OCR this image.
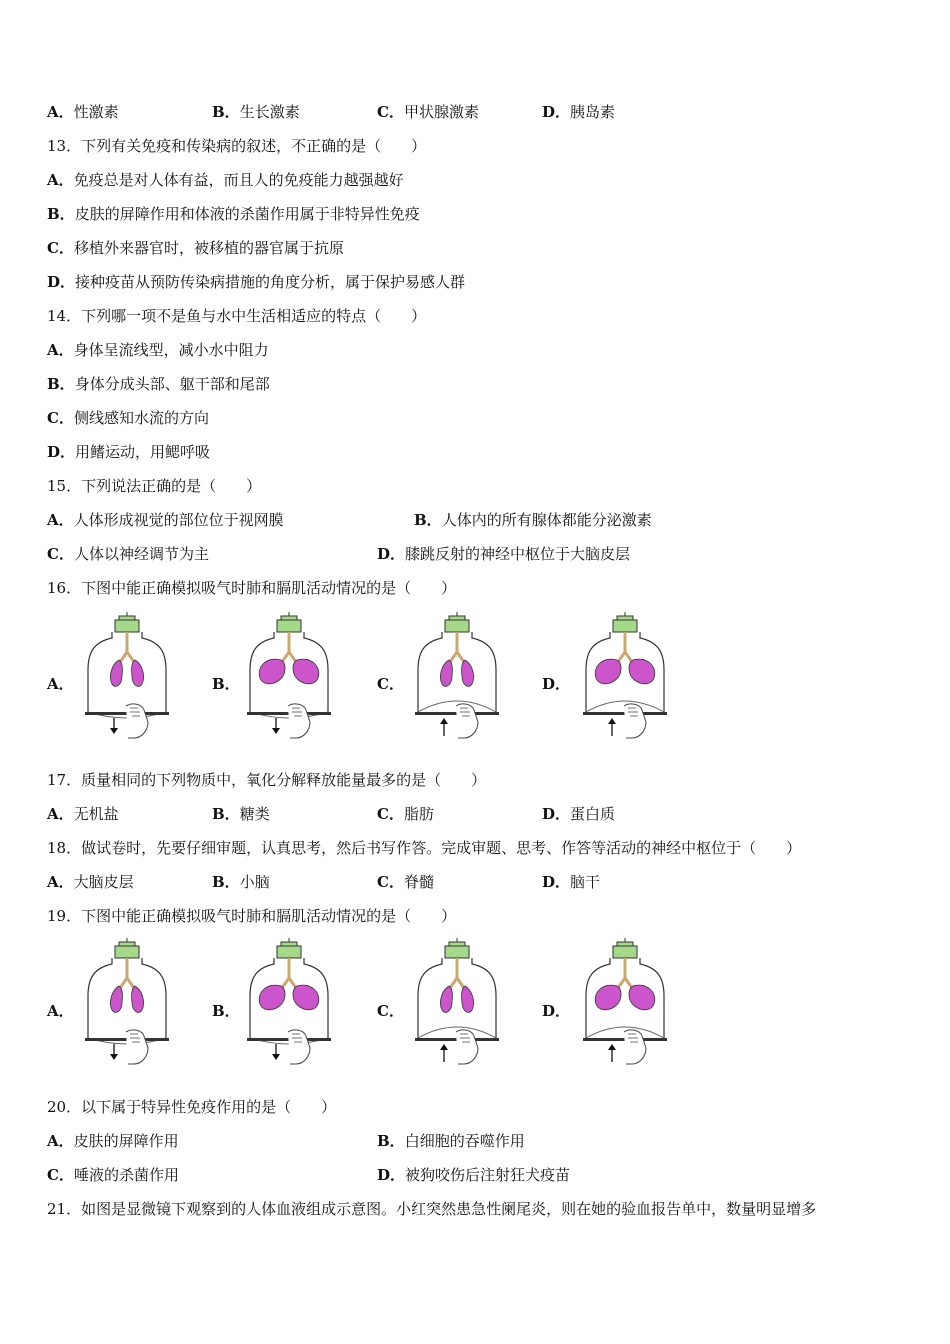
A．性激素	B．生长激素	C．甲状腺激素	D．胰岛素
13．下列有关免疫和传染病的叙述，不正确的是（　　）
A．免疫总是对人体有益，而且人的免疫能力越强越好
B．皮肤的屏障作用和体液的杀菌作用属于非特异性免疫
C．移植外来器官时，被移植的器官属于抗原
D．接种疫苗从预防传染病措施的角度分析，属于保护易感人群
14．下列哪一项不是鱼与水中生活相适应的特点（　　）
A．身体呈流线型，减小水中阻力
B．身体分成头部、躯干部和尾部
C．侧线感知水流的方向
D．用鳍运动，用鳃呼吸
15．下列说法正确的是（　　）
A．人体形成视觉的部位位于视网膜	B．人体内的所有腺体都能分泌激素
C．人体以神经调节为主	D．膝跳反射的神经中枢位于大脑皮层
16．下图中能正确模拟吸气时肺和膈肌活动情况的是（　　）
A．	B．	C．	D．
17．质量相同的下列物质中，氧化分解释放能量最多的是（　　）
A．无机盐	B．糖类	C．脂肪	D．蛋白质
18．做试卷时，先要仔细审题，认真思考，然后书写作答。完成审题、思考、作答等活动的神经中枢位于（　　）
A．大脑皮层	B．小脑	C．脊髓	D．脑干
19．下图中能正确模拟吸气时肺和膈肌活动情况的是（　　）
A．	B．	C．	D．
20．以下属于特异性免疫作用的是（　　）
A．皮肤的屏障作用	B．白细胞的吞噬作用
C．唾液的杀菌作用	D．被狗咬伤后注射狂犬疫苗
21．如图是显微镜下观察到的人体血液组成示意图。小红突然患急性阑尾炎，则在她的验血报告单中，数量明显增多
